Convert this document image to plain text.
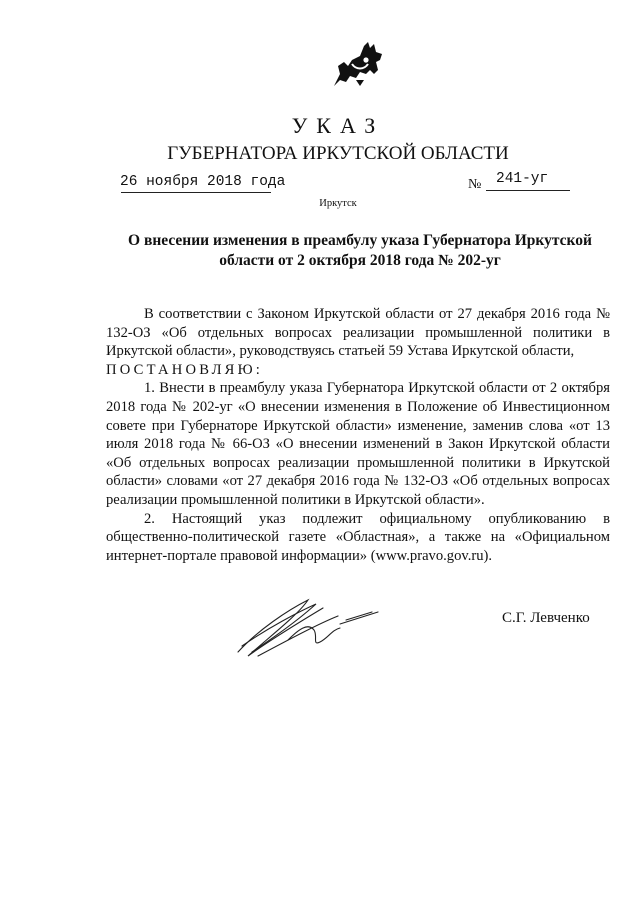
УКАЗ
ГУБЕРНАТОРА ИРКУТСКОЙ ОБЛАСТИ
26 ноября 2018 года	№ 241-уг
Иркутск
О внесении изменения в преамбулу указа Губернатора Иркутской
области от 2 октября 2018 года № 202-уг

В соответствии с Законом Иркутской области от 27 декабря 2016 года № 132-ОЗ «Об отдельных вопросах реализации промышленной политики в Иркутской области», руководствуясь статьей 59 Устава Иркутской области,

ПОСТАНОВЛЯЮ:

1. Внести в преамбулу указа Губернатора Иркутской области от 2 октября 2018 года № 202-уг «О внесении изменения в Положение об Инвестиционном совете при Губернаторе Иркутской области» изменение, заменив слова «от 13 июля 2018 года № 66-ОЗ «О внесении изменений в Закон Иркутской области «Об отдельных вопросах реализации промышленной политики в Иркутской области» словами «от 27 декабря 2016 года № 132-ОЗ «Об отдельных вопросах реализации промышленной политики в Иркутской области».

2. Настоящий указ подлежит официальному опубликованию в общественно-политической газете «Областная», а также на «Официальном интернет-портале правовой информации» (www.pravo.gov.ru).

С.Г. Левченко
